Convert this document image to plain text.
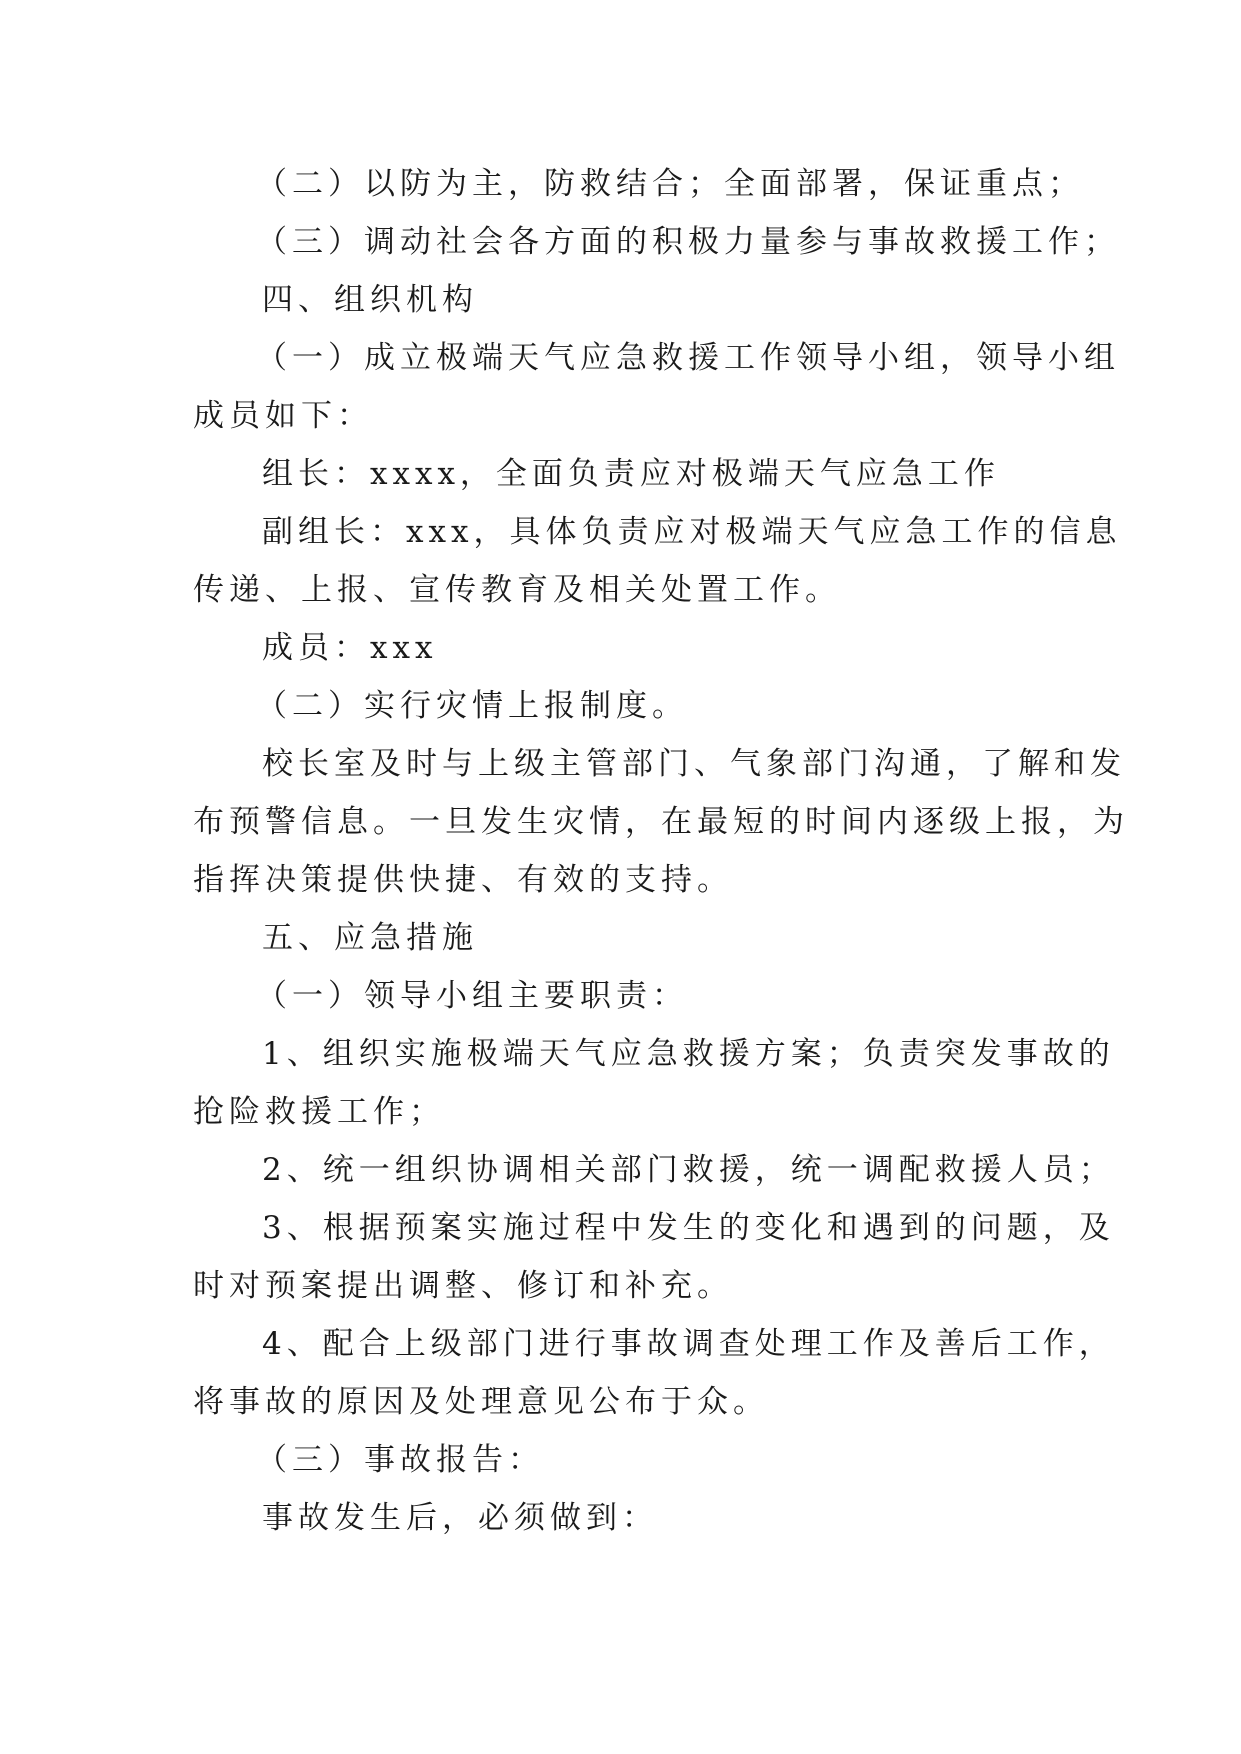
（二）以防为主，防救结合；全面部署，保证重点；

（三）调动社会各方面的积极力量参与事故救援工作；

四、组织机构

（一）成立极端天气应急救援工作领导小组，领导小组

成员如下：

组长：xxxx，全面负责应对极端天气应急工作

副组长：xxx，具体负责应对极端天气应急工作的信息

传递、上报、宣传教育及相关处置工作。

成员：xxx

（二）实行灾情上报制度。

校长室及时与上级主管部门、气象部门沟通，了解和发

布预警信息。一旦发生灾情，在最短的时间内逐级上报，为

指挥决策提供快捷、有效的支持。

五、应急措施

（一）领导小组主要职责：

1、组织实施极端天气应急救援方案；负责突发事故的

抢险救援工作；

2、统一组织协调相关部门救援，统一调配救援人员；

3、根据预案实施过程中发生的变化和遇到的问题，及

时对预案提出调整、修订和补充。

4、配合上级部门进行事故调查处理工作及善后工作，

将事故的原因及处理意见公布于众。

（三）事故报告：

事故发生后，必须做到：
